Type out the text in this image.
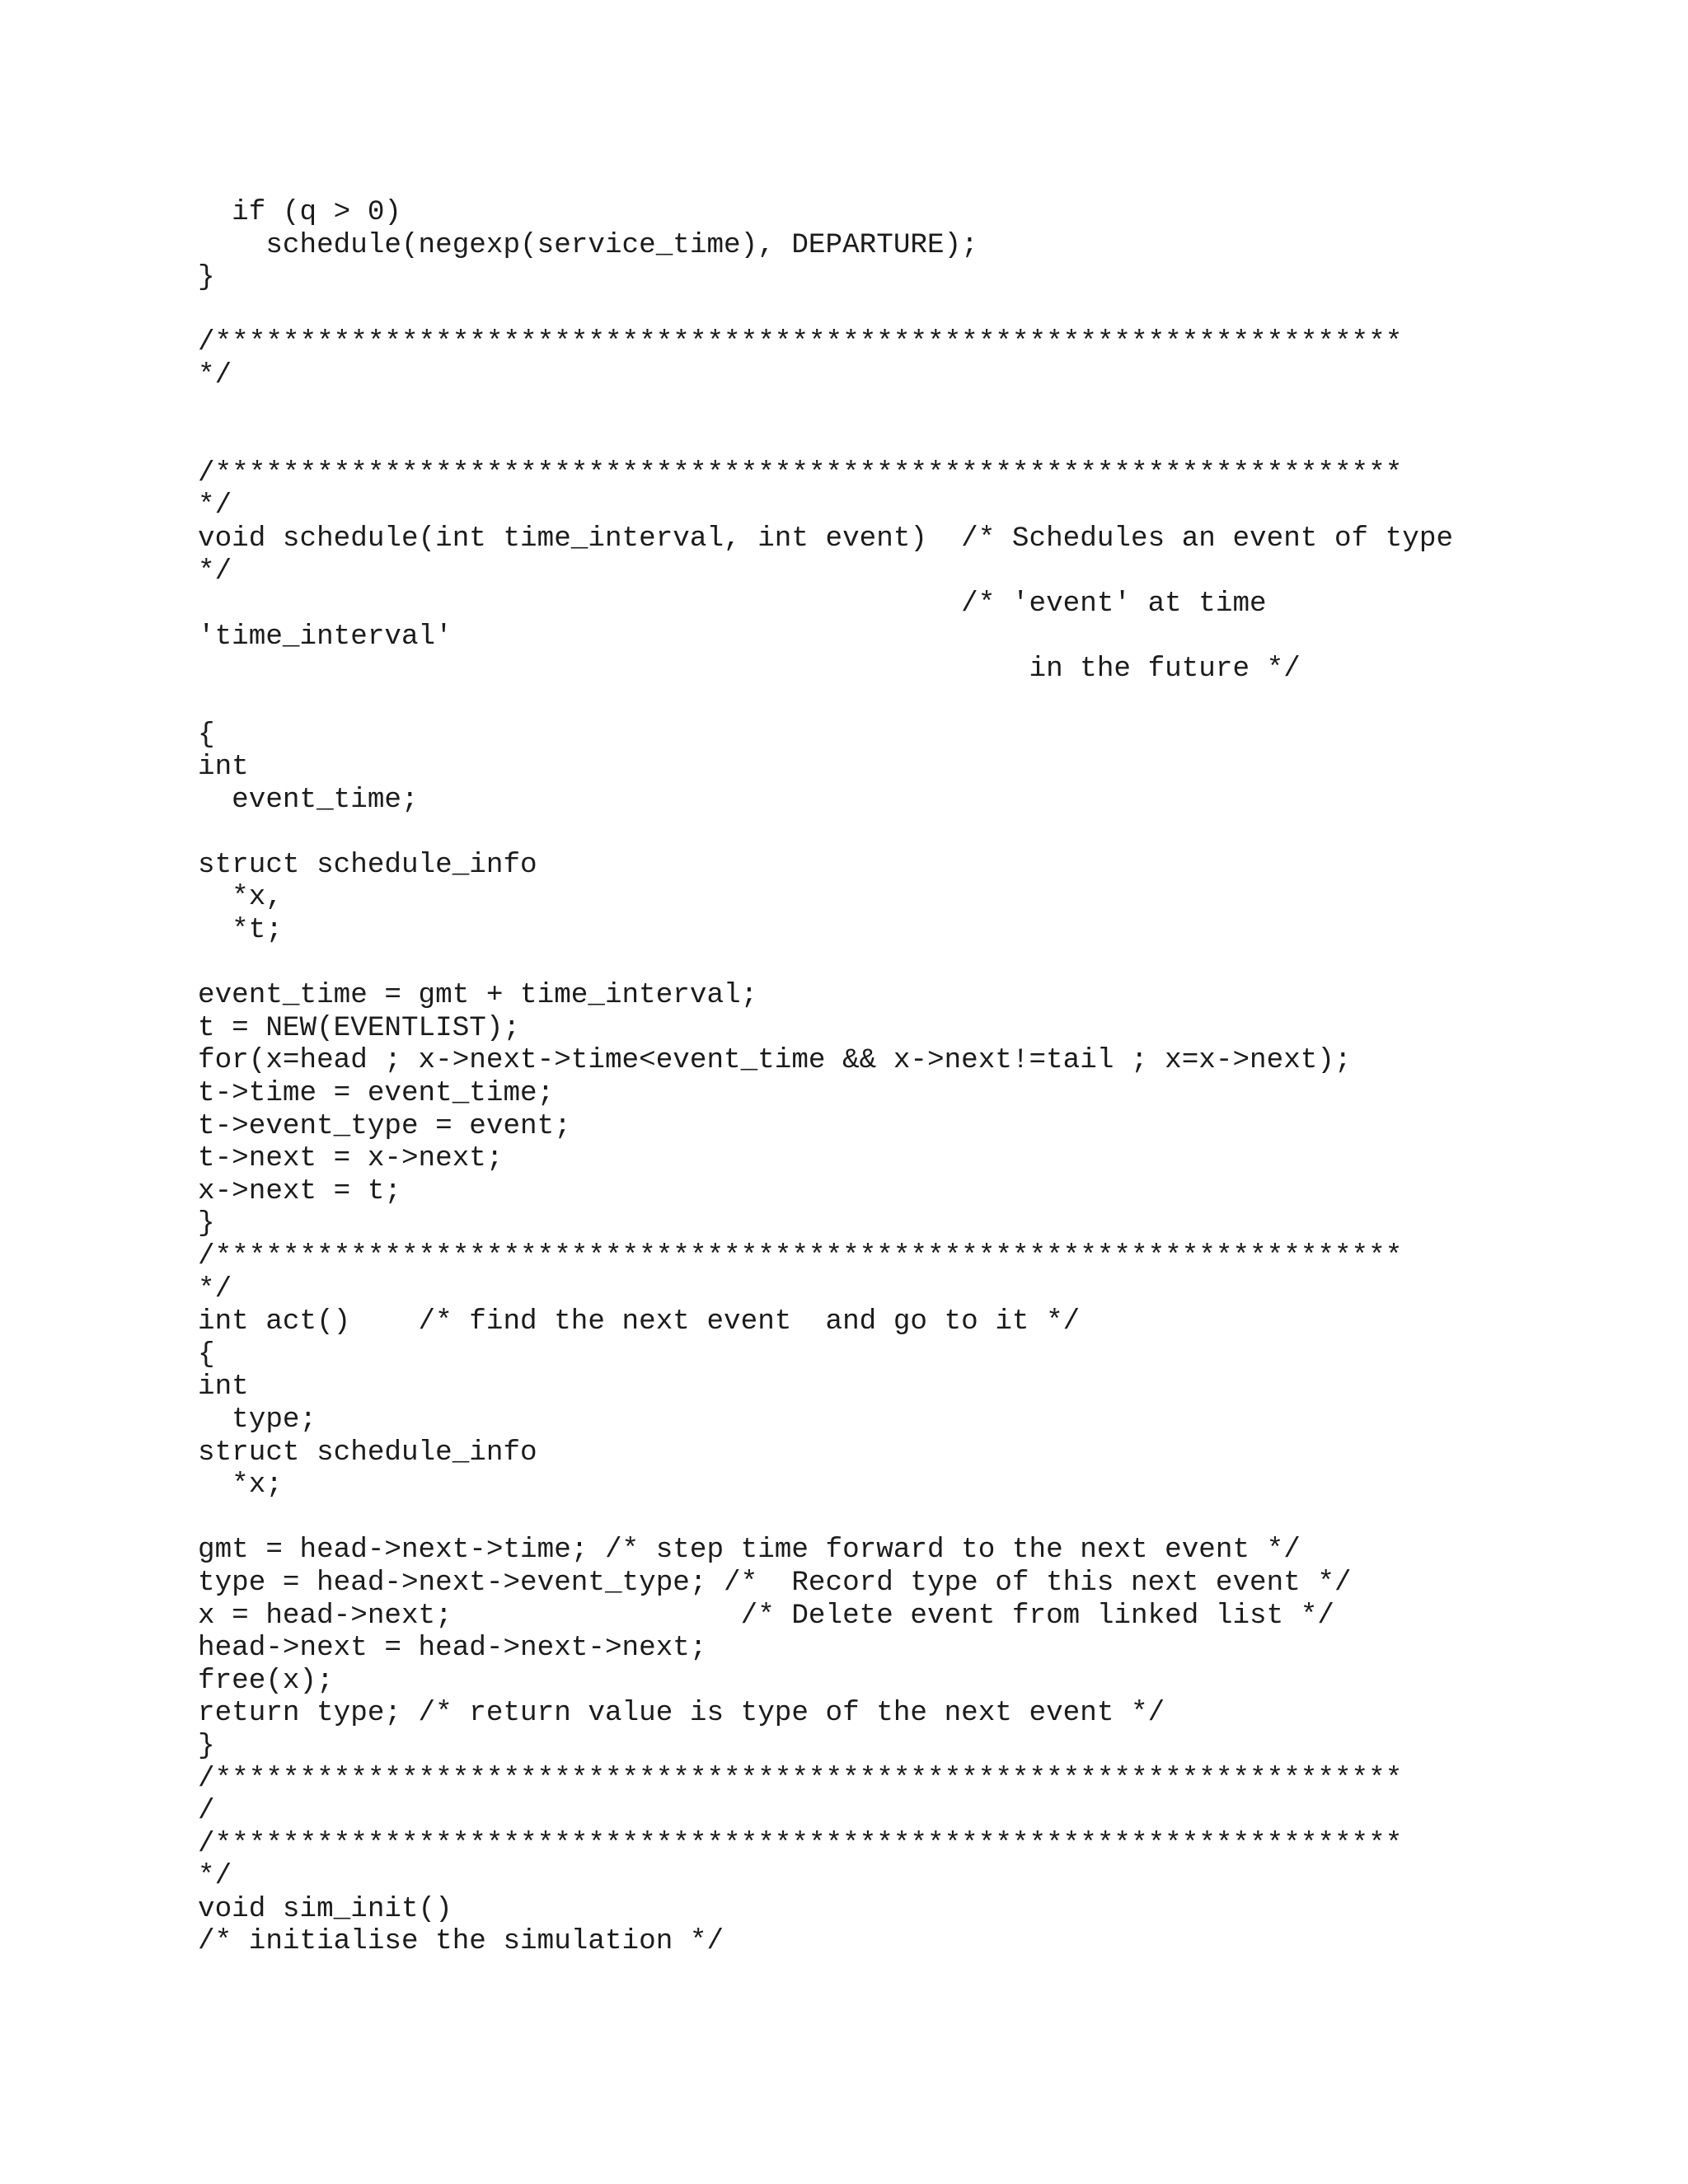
if (q > 0)
schedule(negexp(service_time), DEPARTURE);
}
/**********************************************************************
*/
/**********************************************************************
*/
void schedule(int time_interval, int event)  /* Schedules an event of type
*/
/* 'event' at time
'time_interval'
in the future */
{
int
event_time;
struct schedule_info
*x,
*t;
event_time = gmt + time_interval;
t = NEW(EVENTLIST);
for(x=head ; x->next->time<event_time && x->next!=tail ; x=x->next);
t->time = event_time;
t->event_type = event;
t->next = x->next;
x->next = t;
}
/**********************************************************************
*/
int act()    /* find the next event  and go to it */
{
int
type;
struct schedule_info
*x;
gmt = head->next->time; /* step time forward to the next event */
type = head->next->event_type; /*  Record type of this next event */
x = head->next;                 /* Delete event from linked list */
head->next = head->next->next;
free(x);
return type; /* return value is type of the next event */
}
/**********************************************************************
/
/**********************************************************************
*/
void sim_init()
/* initialise the simulation */
